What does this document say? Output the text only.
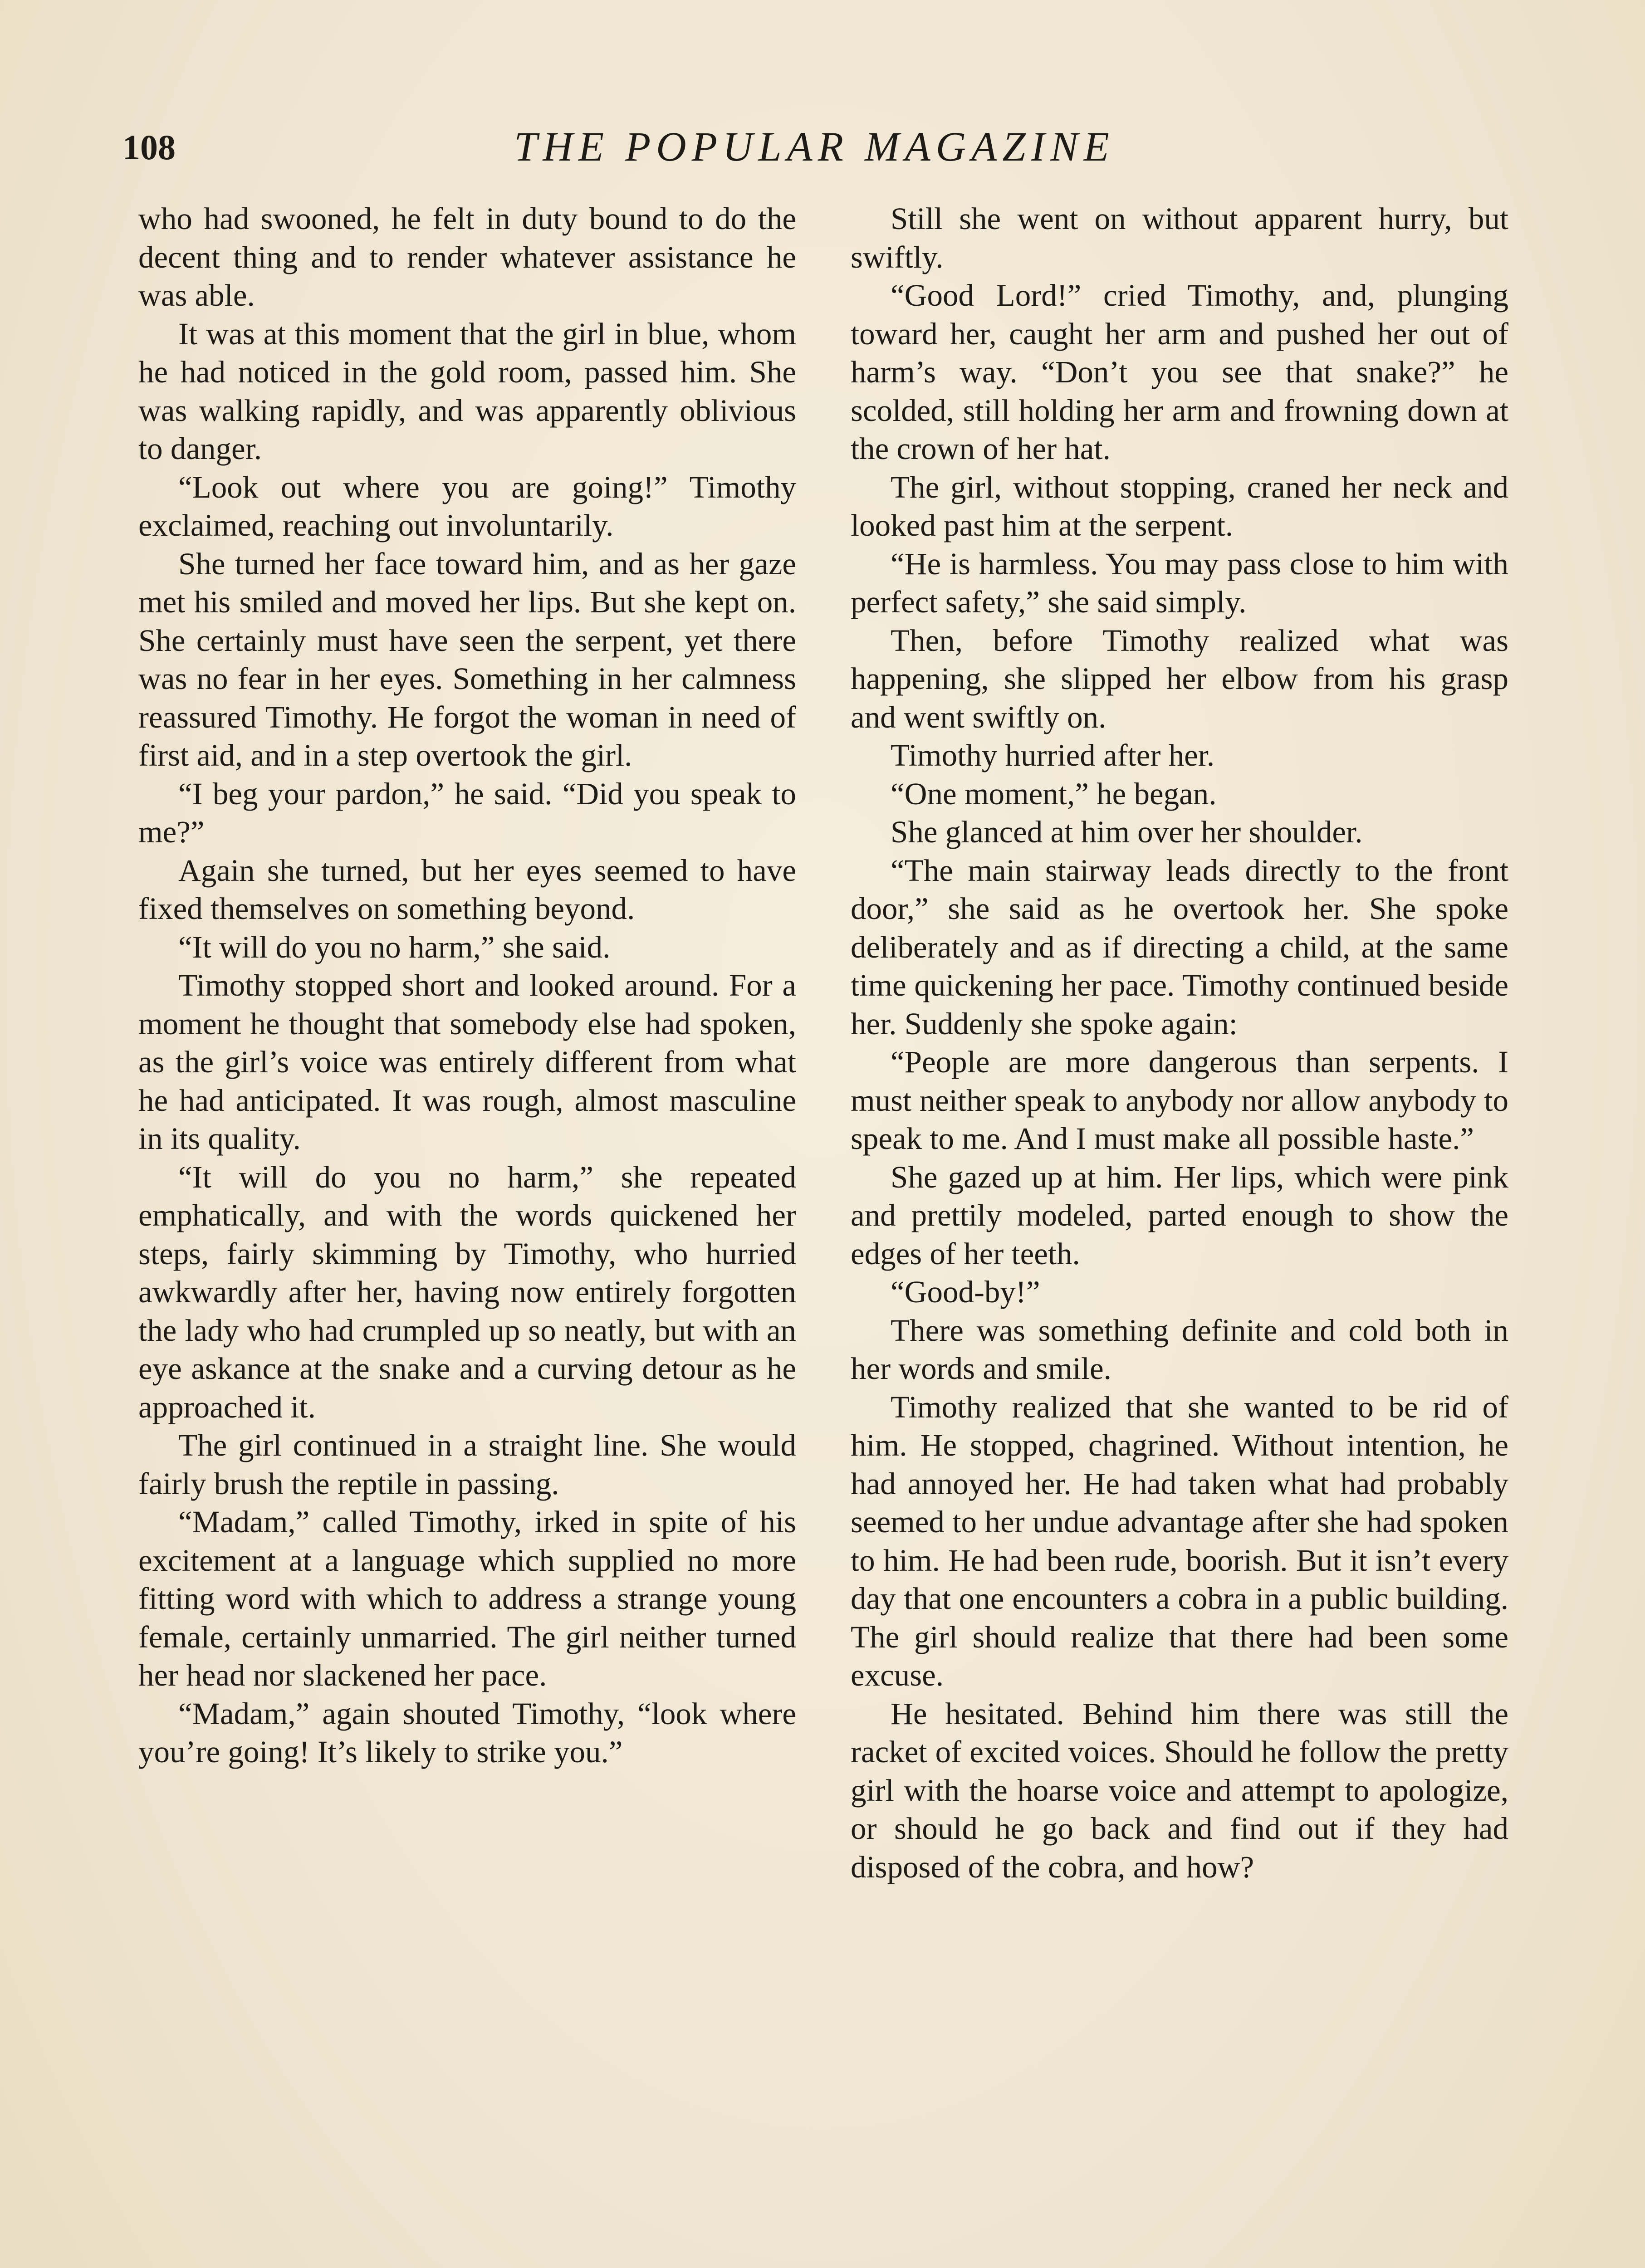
108	THE POPULAR MAGAZINE

who had swooned, he felt in duty bound to do the decent thing and to render whatever assistance he was able.

It was at this moment that the girl in blue, whom he had noticed in the gold room, passed him. She was walking rapidly, and was apparently oblivious to danger.

“Look out where you are going!” Timothy exclaimed, reaching out involuntarily.

She turned her face toward him, and as her gaze met his smiled and moved her lips. But she kept on. She certainly must have seen the serpent, yet there was no fear in her eyes. Something in her calmness reassured Timothy. He forgot the woman in need of first aid, and in a step overtook the girl.

“I beg your pardon,” he said. “Did you speak to me?”

Again she turned, but her eyes seemed to have fixed themselves on something beyond.

“It will do you no harm,” she said.

Timothy stopped short and looked around. For a moment he thought that somebody else had spoken, as the girl’s voice was entirely different from what he had anticipated. It was rough, almost masculine in its quality.

“It will do you no harm,” she repeated emphatically, and with the words quickened her steps, fairly skimming by Timothy, who hurried awkwardly after her, having now entirely forgotten the lady who had crumpled up so neatly, but with an eye askance at the snake and a curving detour as he approached it.

The girl continued in a straight line. She would fairly brush the reptile in passing.

“Madam,” called Timothy, irked in spite of his excitement at a language which supplied no more fitting word with which to address a strange young female, certainly unmarried. The girl neither turned her head nor slackened her pace.

“Madam,” again shouted Timothy, “look where you’re going! It’s likely to strike you.”

Still she went on without apparent hurry, but swiftly.

“Good Lord!” cried Timothy, and, plunging toward her, caught her arm and pushed her out of harm’s way. “Don’t you see that snake?” he scolded, still holding her arm and frowning down at the crown of her hat.

The girl, without stopping, craned her neck and looked past him at the serpent.

“He is harmless. You may pass close to him with perfect safety,” she said simply.

Then, before Timothy realized what was happening, she slipped her elbow from his grasp and went swiftly on.

Timothy hurried after her.

“One moment,” he began.

She glanced at him over her shoulder.

“The main stairway leads directly to the front door,” she said as he overtook her. She spoke deliberately and as if directing a child, at the same time quickening her pace. Timothy continued beside her. Suddenly she spoke again:

“People are more dangerous than serpents. I must neither speak to anybody nor allow anybody to speak to me. And I must make all possible haste.”

She gazed up at him. Her lips, which were pink and prettily modeled, parted enough to show the edges of her teeth.

“Good-by!”

There was something definite and cold both in her words and smile.

Timothy realized that she wanted to be rid of him. He stopped, chagrined. Without intention, he had annoyed her. He had taken what had probably seemed to her undue advantage after she had spoken to him. He had been rude, boorish. But it isn’t every day that one encounters a cobra in a public building. The girl should realize that there had been some excuse.

He hesitated. Behind him there was still the racket of excited voices. Should he follow the pretty girl with the hoarse voice and attempt to apologize, or should he go back and find out if they had disposed of the cobra, and how?
